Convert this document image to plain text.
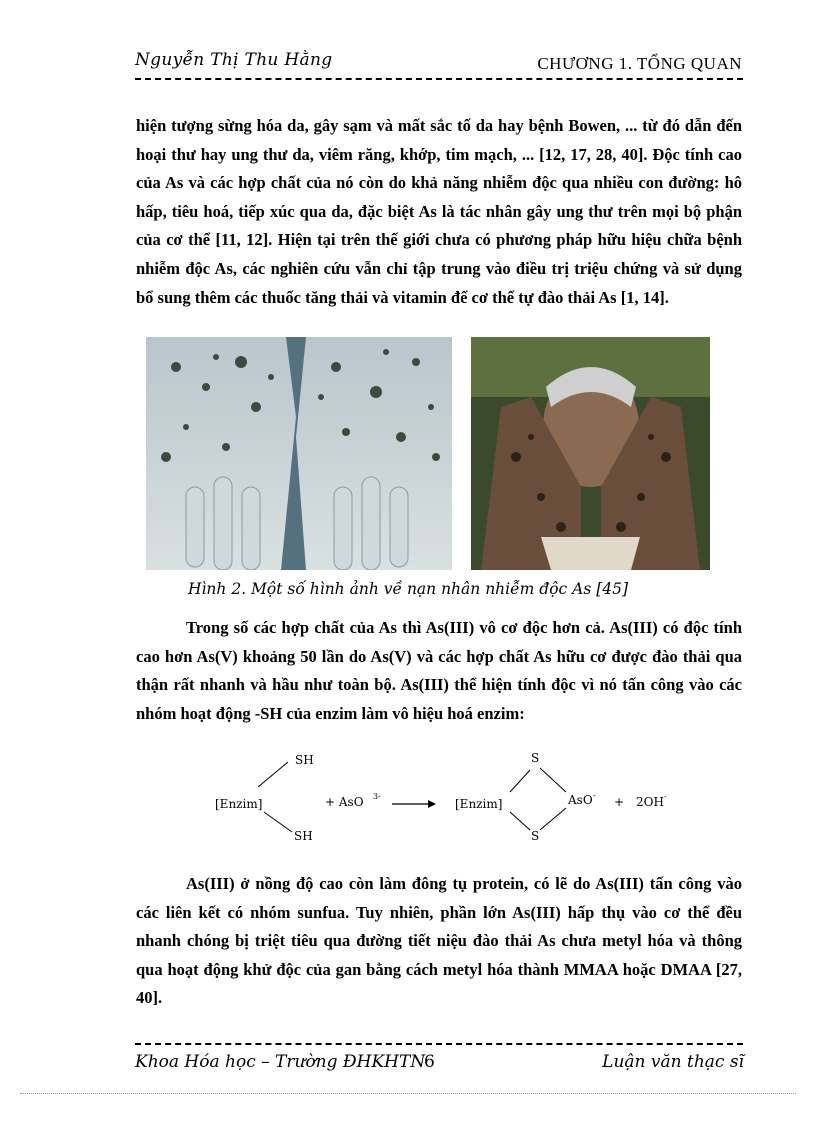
Nguyễn Thị Thu Hằng	CHƯƠNG 1. TỔNG QUAN

hiện tượng sừng hóa da, gây sạm và mất sắc tố da hay bệnh Bowen, ... từ đó dẫn đến hoại thư hay ung thư da, viêm răng, khớp, tim mạch, ... [12, 17, 28, 40]. Độc tính cao của As và các hợp chất của nó còn do khả năng nhiễm độc qua nhiều con đường: hô hấp, tiêu hoá, tiếp xúc qua da, đặc biệt As là tác nhân gây ung thư trên mọi bộ phận của cơ thể [11, 12]. Hiện tại trên thế giới chưa có phương pháp hữu hiệu chữa bệnh nhiễm độc As, các nghiên cứu vẫn chỉ tập trung vào điều trị triệu chứng và sử dụng bổ sung thêm các thuốc tăng thải và vitamin để cơ thể tự đào thải As [1, 14].

Hình 2. Một số hình ảnh về nạn nhân nhiễm độc As [45]

Trong số các hợp chất của As thì As(III) vô cơ độc hơn cả. As(III) có độc tính cao hơn As(V) khoảng 50 lần do As(V) và các hợp chất As hữu cơ được đào thải qua thận rất nhanh và hầu như toàn bộ. As(III) thể hiện tính độc vì nó tấn công vào các nhóm hoạt động -SH của enzim làm vô hiệu hoá enzim:

SH
[Enzim]
SH
+ AsO 3-
[Enzim]
S
AsO -
S
+ 2OH -

As(III) ở nồng độ cao còn làm đông tụ protein, có lẽ do As(III) tấn công vào các liên kết có nhóm sunfua. Tuy nhiên, phần lớn As(III) hấp thụ vào cơ thể đều nhanh chóng bị triệt tiêu qua đường tiết niệu đào thải As chưa metyl hóa và thông qua hoạt động khử độc của gan bằng cách metyl hóa thành MMAA hoặc DMAA [27, 40].

Khoa Hóa học – Trường ĐHKHTN
6	Luận văn thạc sĩ
